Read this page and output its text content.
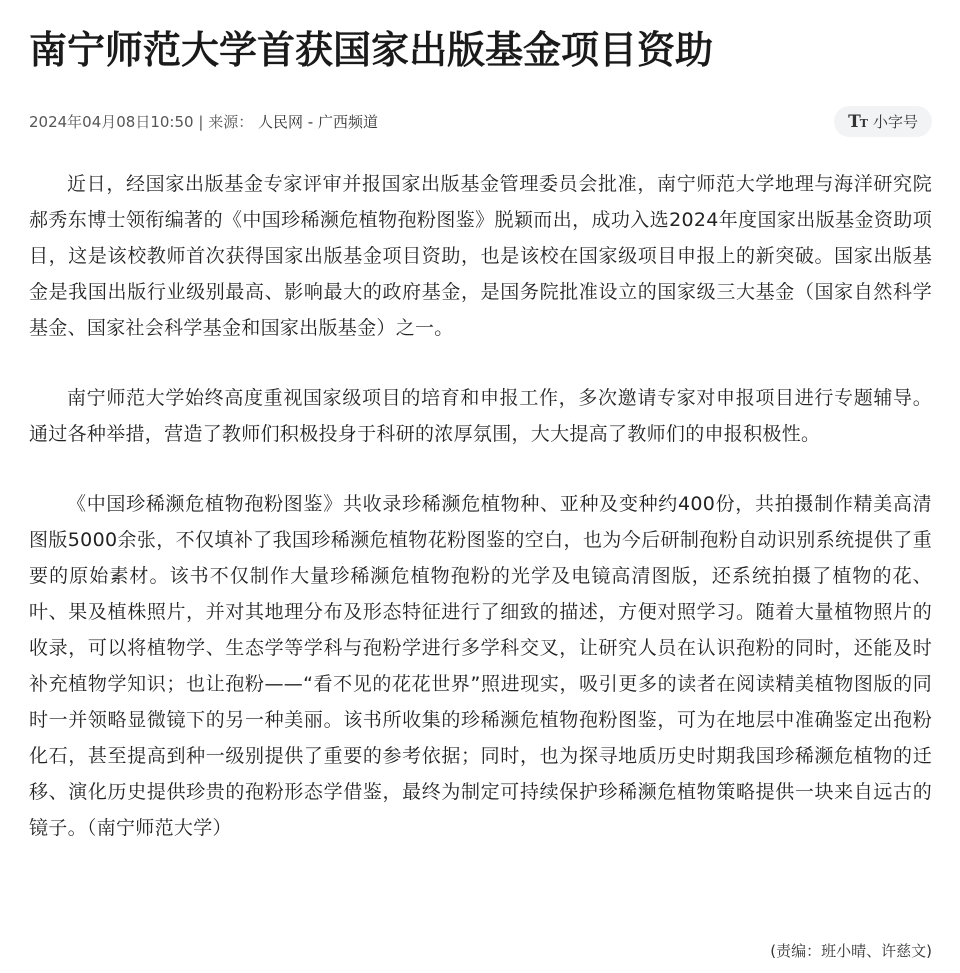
南宁师范大学首获国家出版基金项目资助
2024年04月08日10:50 | 来源： 人民网 - 广西频道	TT 小字号

近日，经国家出版基金专家评审并报国家出版基金管理委员会批准，南宁师范大学地理与海洋研究院郝秀东博士领衔编著的《中国珍稀濒危植物孢粉图鉴》脱颖而出，成功入选2024年度国家出版基金资助项目，这是该校教师首次获得国家出版基金项目资助，也是该校在国家级项目申报上的新突破。国家出版基金是我国出版行业级别最高、影响最大的政府基金，是国务院批准设立的国家级三大基金（国家自然科学基金、国家社会科学基金和国家出版基金）之一。

南宁师范大学始终高度重视国家级项目的培育和申报工作，多次邀请专家对申报项目进行专题辅导。通过各种举措，营造了教师们积极投身于科研的浓厚氛围，大大提高了教师们的申报积极性。

《中国珍稀濒危植物孢粉图鉴》共收录珍稀濒危植物种、亚种及变种约400份，共拍摄制作精美高清图版5000余张，不仅填补了我国珍稀濒危植物花粉图鉴的空白，也为今后研制孢粉自动识别系统提供了重要的原始素材。该书不仅制作大量珍稀濒危植物孢粉的光学及电镜高清图版，还系统拍摄了植物的花、叶、果及植株照片，并对其地理分布及形态特征进行了细致的描述，方便对照学习。随着大量植物照片的收录，可以将植物学、生态学等学科与孢粉学进行多学科交叉，让研究人员在认识孢粉的同时，还能及时补充植物学知识；也让孢粉——“看不见的花花世界”照进现实，吸引更多的读者在阅读精美植物图版的同时一并领略显微镜下的另一种美丽。该书所收集的珍稀濒危植物孢粉图鉴，可为在地层中准确鉴定出孢粉化石，甚至提高到种一级别提供了重要的参考依据；同时，也为探寻地质历史时期我国珍稀濒危植物的迁移、演化历史提供珍贵的孢粉形态学借鉴，最终为制定可持续保护珍稀濒危植物策略提供一块来自远古的镜子。（南宁师范大学）

(责编：班小晴、许慈文)
